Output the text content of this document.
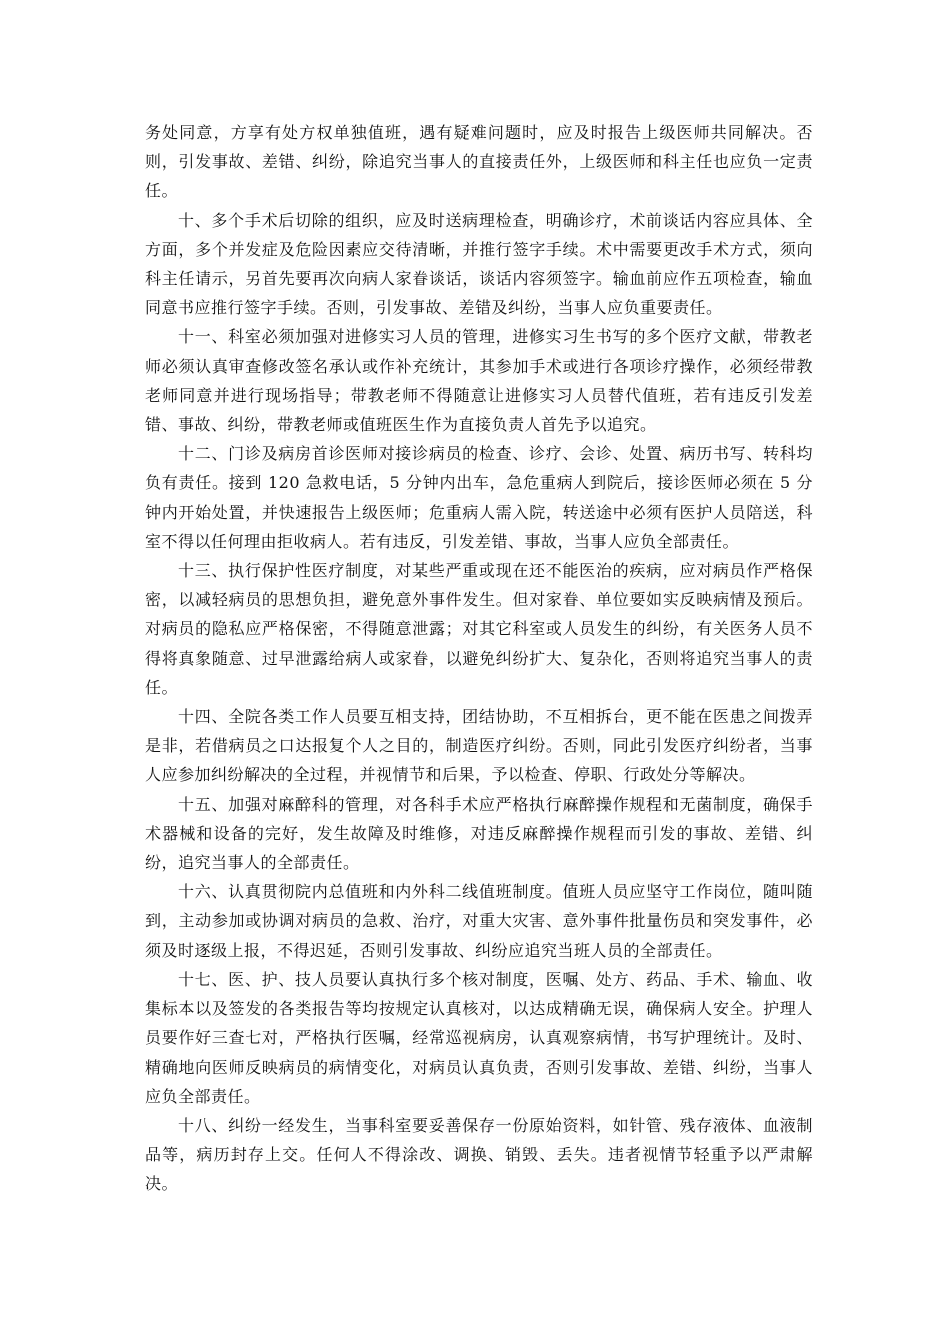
务处同意，方享有处方权单独值班，遇有疑难问题时，应及时报告上级医师共同解决。否则，引发事故、差错、纠纷，除追究当事人的直接责任外，上级医师和科主任也应负一定责任。

十、多个手术后切除的组织，应及时送病理检查，明确诊疗，术前谈话内容应具体、全方面，多个并发症及危险因素应交待清晰，并推行签字手续。术中需要更改手术方式，须向科主任请示，另首先要再次向病人家眷谈话，谈话内容须签字。输血前应作五项检查，输血同意书应推行签字手续。否则，引发事故、差错及纠纷，当事人应负重要责任。

十一、科室必须加强对进修实习人员的管理，进修实习生书写的多个医疗文献，带教老师必须认真审查修改签名承认或作补充统计，其参加手术或进行各项诊疗操作，必须经带教老师同意并进行现场指导；带教老师不得随意让进修实习人员替代值班，若有违反引发差错、事故、纠纷，带教老师或值班医生作为直接负责人首先予以追究。

十二、门诊及病房首诊医师对接诊病员的检查、诊疗、会诊、处置、病历书写、转科均负有责任。接到 120 急救电话，5 分钟内出车，急危重病人到院后，接诊医师必须在 5 分钟内开始处置，并快速报告上级医师；危重病人需入院，转送途中必须有医护人员陪送，科室不得以任何理由拒收病人。若有违反，引发差错、事故，当事人应负全部责任。

十三、执行保护性医疗制度，对某些严重或现在还不能医治的疾病，应对病员作严格保密，以减轻病员的思想负担，避免意外事件发生。但对家眷、单位要如实反映病情及预后。对病员的隐私应严格保密，不得随意泄露；对其它科室或人员发生的纠纷，有关医务人员不得将真象随意、过早泄露给病人或家眷，以避免纠纷扩大、复杂化，否则将追究当事人的责任。

十四、全院各类工作人员要互相支持，团结协助，不互相拆台，更不能在医患之间拨弄是非，若借病员之口达报复个人之目的，制造医疗纠纷。否则，同此引发医疗纠纷者，当事人应参加纠纷解决的全过程，并视情节和后果，予以检查、停职、行政处分等解决。

十五、加强对麻醉科的管理，对各科手术应严格执行麻醉操作规程和无菌制度，确保手术器械和设备的完好，发生故障及时维修，对违反麻醉操作规程而引发的事故、差错、纠纷，追究当事人的全部责任。

十六、认真贯彻院内总值班和内外科二线值班制度。值班人员应坚守工作岗位，随叫随到，主动参加或协调对病员的急救、治疗，对重大灾害、意外事件批量伤员和突发事件，必须及时逐级上报，不得迟延，否则引发事故、纠纷应追究当班人员的全部责任。

十七、医、护、技人员要认真执行多个核对制度，医嘱、处方、药品、手术、输血、收集标本以及签发的各类报告等均按规定认真核对，以达成精确无误，确保病人安全。护理人员要作好三查七对，严格执行医嘱，经常巡视病房，认真观察病情，书写护理统计。及时、精确地向医师反映病员的病情变化，对病员认真负责，否则引发事故、差错、纠纷，当事人应负全部责任。

十八、纠纷一经发生，当事科室要妥善保存一份原始资料，如针管、残存液体、血液制品等，病历封存上交。任何人不得涂改、调换、销毁、丢失。违者视情节轻重予以严肃解决。
